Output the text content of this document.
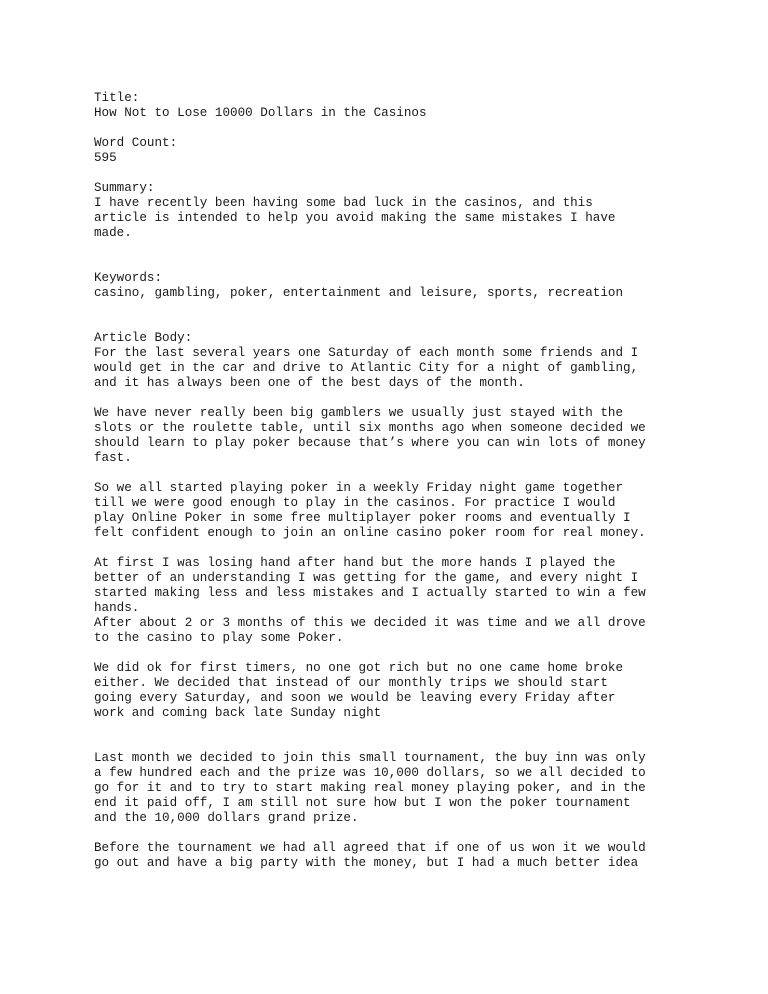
Title:
How Not to Lose 10000 Dollars in the Casinos
Word Count:
595
Summary:
I have recently been having some bad luck in the casinos, and this
article is intended to help you avoid making the same mistakes I have
made.
Keywords:
casino, gambling, poker, entertainment and leisure, sports, recreation
Article Body:
For the last several years one Saturday of each month some friends and I
would get in the car and drive to Atlantic City for a night of gambling,
and it has always been one of the best days of the month.
We have never really been big gamblers we usually just stayed with the
slots or the roulette table, until six months ago when someone decided we
should learn to play poker because that’s where you can win lots of money
fast.
So we all started playing poker in a weekly Friday night game together
till we were good enough to play in the casinos. For practice I would
play Online Poker in some free multiplayer poker rooms and eventually I
felt confident enough to join an online casino poker room for real money.
At first I was losing hand after hand but the more hands I played the
better of an understanding I was getting for the game, and every night I
started making less and less mistakes and I actually started to win a few
hands.
After about 2 or 3 months of this we decided it was time and we all drove
to the casino to play some Poker.
We did ok for first timers, no one got rich but no one came home broke
either. We decided that instead of our monthly trips we should start
going every Saturday, and soon we would be leaving every Friday after
work and coming back late Sunday night
Last month we decided to join this small tournament, the buy inn was only
a few hundred each and the prize was 10,000 dollars, so we all decided to
go for it and to try to start making real money playing poker, and in the
end it paid off, I am still not sure how but I won the poker tournament
and the 10,000 dollars grand prize.
Before the tournament we had all agreed that if one of us won it we would
go out and have a big party with the money, but I had a much better idea
